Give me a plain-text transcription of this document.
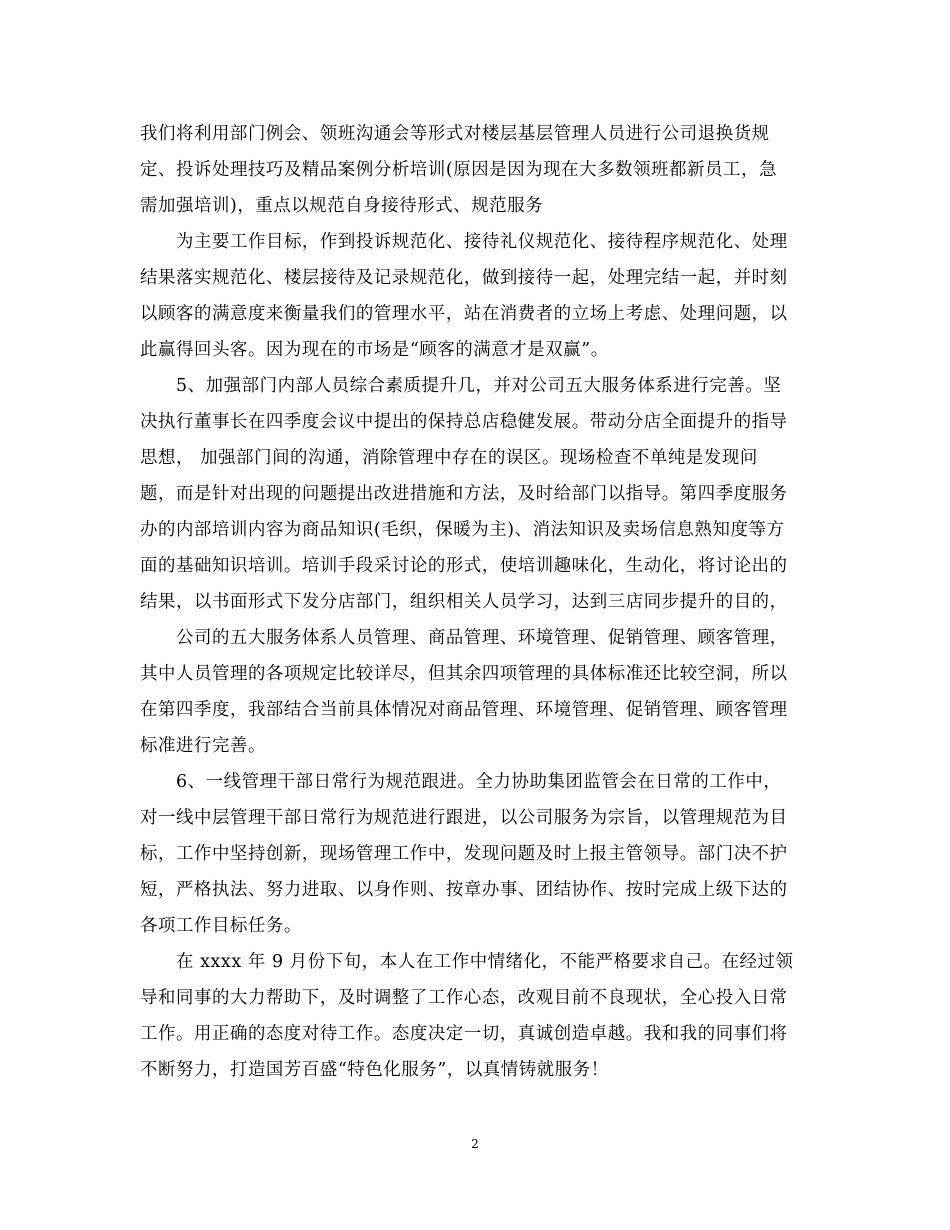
我们将利用部门例会、领班沟通会等形式对楼层基层管理人员进行公司退换货规
定、投诉处理技巧及精品案例分析培训(原因是因为现在大多数领班都新员工，急
需加强培训)，重点以规范自身接待形式、规范服务
为主要工作目标，作到投诉规范化、接待礼仪规范化、接待程序规范化、处理
结果落实规范化、楼层接待及记录规范化，做到接待一起，处理完结一起，并时刻
以顾客的满意度来衡量我们的管理水平，站在消费者的立场上考虑、处理问题，以
此赢得回头客。因为现在的市场是“顾客的满意才是双赢”。
5、加强部门内部人员综合素质提升几，并对公司五大服务体系进行完善。坚
决执行董事长在四季度会议中提出的保持总店稳健发展。带动分店全面提升的指导
思想， 加强部门间的沟通，消除管理中存在的误区。现场检查不单纯是发现问
题，而是针对出现的问题提出改进措施和方法，及时给部门以指导。第四季度服务
办的内部培训内容为商品知识(毛织，保暖为主)、消法知识及卖场信息熟知度等方
面的基础知识培训。培训手段采讨论的形式，使培训趣味化，生动化，将讨论出的
结果，以书面形式下发分店部门，组织相关人员学习，达到三店同步提升的目的，
公司的五大服务体系人员管理、商品管理、环境管理、促销管理、顾客管理，
其中人员管理的各项规定比较详尽，但其余四项管理的具体标准还比较空洞，所以
在第四季度，我部结合当前具体情况对商品管理、环境管理、促销管理、顾客管理
标准进行完善。
6、一线管理干部日常行为规范跟进。全力协助集团监管会在日常的工作中，
对一线中层管理干部日常行为规范进行跟进，以公司服务为宗旨，以管理规范为目
标，工作中坚持创新，现场管理工作中，发现问题及时上报主管领导。部门决不护
短，严格执法、努力进取、以身作则、按章办事、团结协作、按时完成上级下达的
各项工作目标任务。
在 xxxx 年 9 月份下旬，本人在工作中情绪化，不能严格要求自己。在经过领
导和同事的大力帮助下，及时调整了工作心态，改观目前不良现状，全心投入日常
工作。用正确的态度对待工作。态度决定一切，真诚创造卓越。我和我的同事们将
不断努力，打造国芳百盛“特色化服务”，以真情铸就服务！
2
